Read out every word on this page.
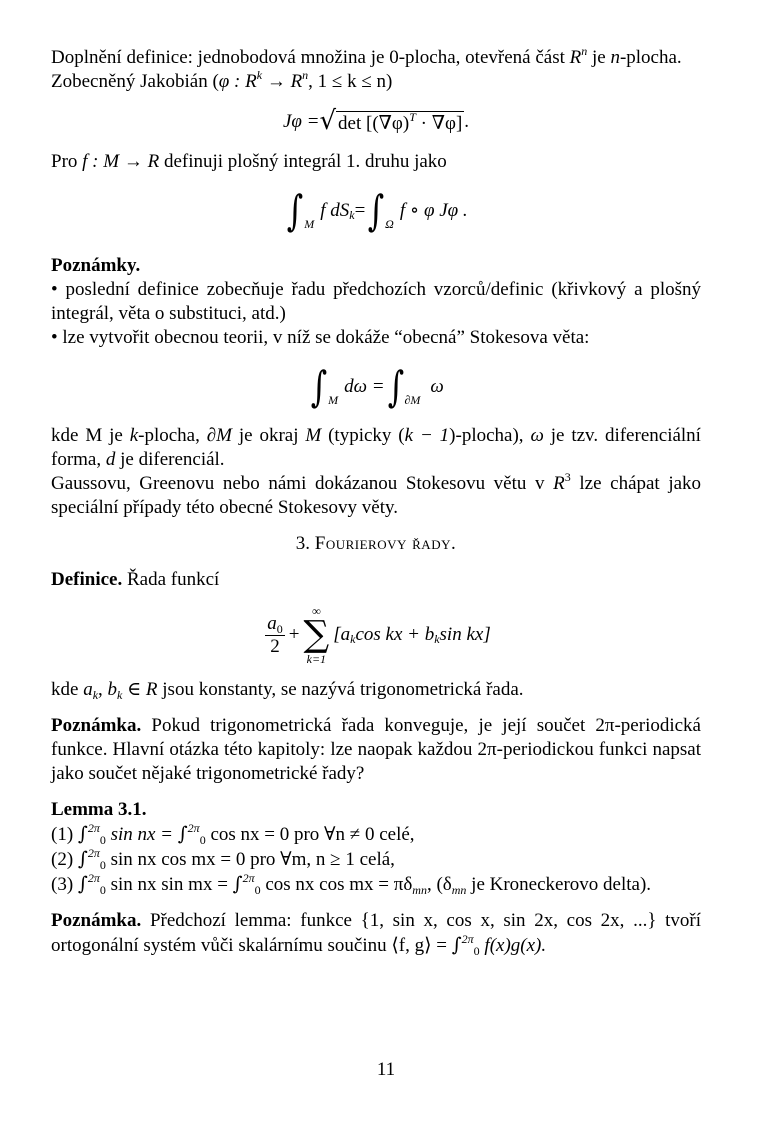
Doplnění definice: jednobodová množina je 0-plocha, otevřená část $R^n$ je n-plocha.

Zobecněný Jakobián (φ : $R^k \to R^n$, 1 ≤ k ≤ n)

Jφ = √ $\det [(\nabla\varphi)^T \cdot \nabla\varphi]$ .

Pro f : M → R definuji plošný integrál 1. druhu jako

∫ M
f $dS_k$ = ∫ Ω
f ∘ φ Jφ .

Poznámky.

• poslední definice zobecňuje řadu předchozích vzorců/definic (křivkový a plošný integrál, věta o substituci, atd.)

• lze vytvořit obecnou teorii, v níž se dokáže “obecná” Stokesova věta:

∫ M
dω = ∫ ∂M
ω

kde M je k-plocha, ∂M je okraj M (typicky (k − 1)-plocha), ω je tzv. diferenciální forma, d je diferenciál.

Gaussovu, Greenovu nebo námi dokázanou Stokesovu větu v $R^3$ lze chápat jako speciální případy této obecné Stokesovy věty.

3. Fourierovy řady.

Definice. Řada funkcí

$\frac{a_0}{2}$ +
∞
∑
k=1
[$a_k$ cos kx + $b_k$ sin kx]

kde $a_k$, $b_k$ ∈ R jsou konstanty, se nazývá trigonometrická řada.

Poznámka. Pokud trigonometrická řada konveguje, je její součet 2π-periodická funkce. Hlavní otázka této kapitoly: lze naopak každou 2π-periodickou funkci napsat jako součet nějaké trigonometrické řady?

Lemma 3.1.

(1) ∫$^{2\pi}_0$ sin nx = ∫$^{2\pi}_0$ cos nx = 0 pro ∀n ≠ 0 celé,

(2) ∫$^{2\pi}_0$ sin nx cos mx = 0 pro ∀m, n ≥ 1 celá,

(3) ∫$^{2\pi}_0$ sin nx sin mx = ∫$^{2\pi}_0$ cos nx cos mx = $\pi\delta_{mn}$, ($\delta_{mn}$ je Kroneckerovo delta).

Poznámka. Předchozí lemma: funkce {1, sin x, cos x, sin 2x, cos 2x, ...} tvoří ortogonální systém vůči skalárnímu součinu ⟨f, g⟩ = ∫$^{2\pi}_0$ f(x)g(x).

11
